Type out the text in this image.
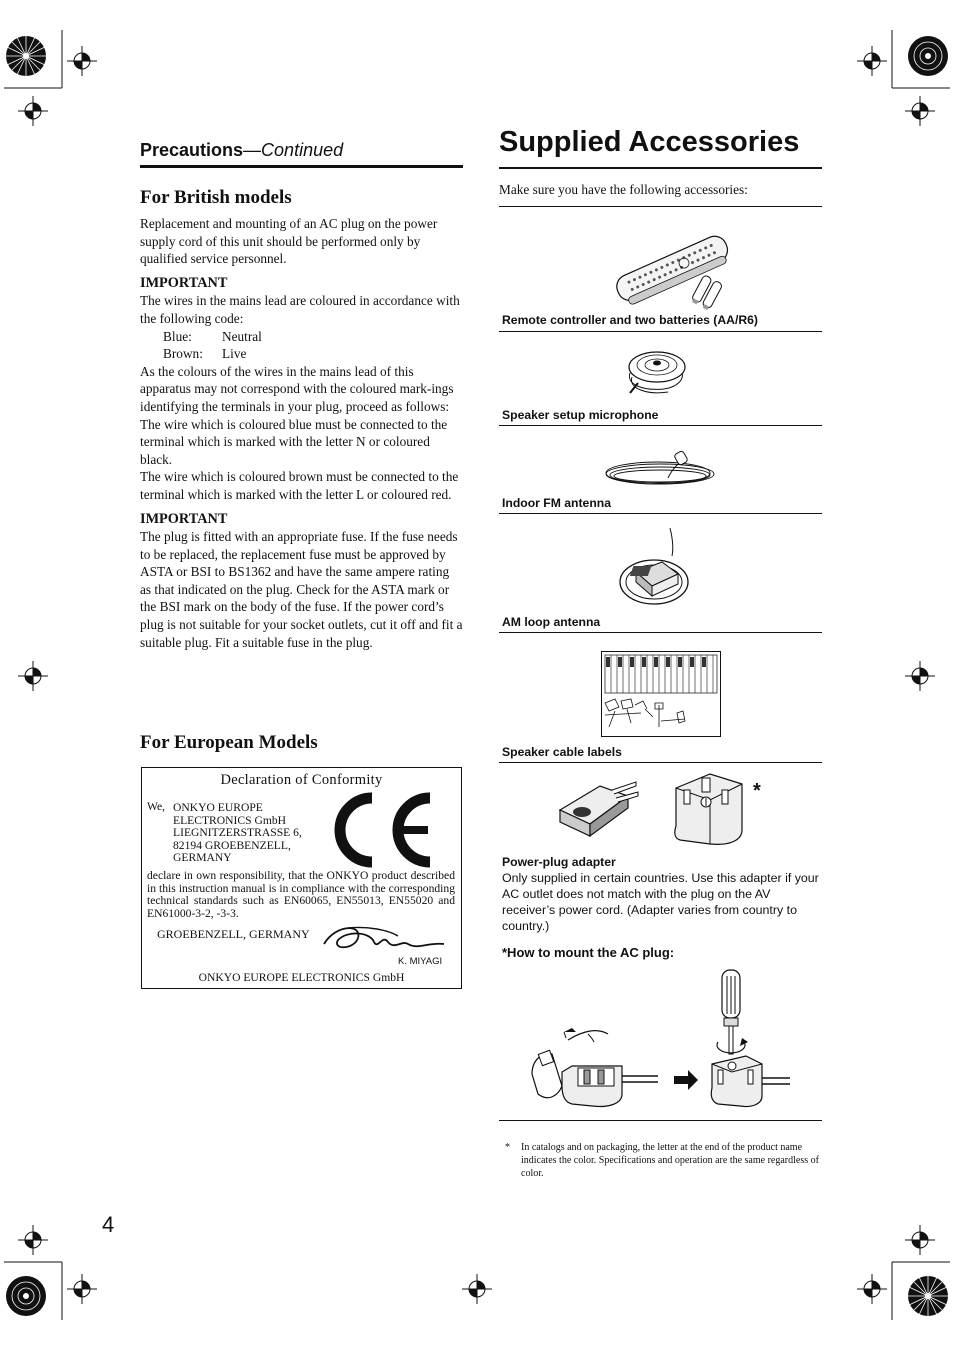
Precautions—Continued
For British models

Replacement and mounting of an AC plug on the power supply cord of this unit should be performed only by qualified service personnel.

IMPORTANT

The wires in the mains lead are coloured in accordance with the following code:

Blue:	Neutral
Brown:	Live

As the colours of the wires in the mains lead of this apparatus may not correspond with the coloured mark-ings identifying the terminals in your plug, proceed as follows:

The wire which is coloured blue must be connected to the terminal which is marked with the letter N or coloured black.

The wire which is coloured brown must be connected to the terminal which is marked with the letter L or coloured red.

IMPORTANT

The plug is fitted with an appropriate fuse. If the fuse needs to be replaced, the replacement fuse must be approved by ASTA or BSI to BS1362 and have the same ampere rating as that indicated on the plug. Check for the ASTA mark or the BSI mark on the body of the fuse. If the power cord’s plug is not suitable for your socket outlets, cut it off and fit a suitable plug. Fit a suitable fuse in the plug.

For European Models
Declaration of Conformity
We, ONKYO EUROPE
ELECTRONICS GmbH
LIEGNITZERSTRASSE 6,
82194 GROEBENZELL,
GERMANY
declare in own responsibility, that the ONKYO product described in this instruction manual is in compliance with the corresponding technical standards such as EN60065, EN55013, EN55020 and EN61000-3-2, -3-3.
GROEBENZELL, GERMANY
K. MIYAGI
ONKYO EUROPE ELECTRONICS GmbH
4
Supplied Accessories
Make sure you have the following accessories:
Remote controller and two batteries (AA/R6)
Speaker setup microphone
Indoor FM antenna
AM loop antenna
Speaker cable labels
*
Power-plug adapter
Only supplied in certain countries. Use this adapter if your AC outlet does not match with the plug on the AV receiver’s power cord. (Adapter varies from country to country.)
*How to mount the AC plug:
* In catalogs and on packaging, the letter at the end of the product name indicates the color. Specifications and operation are the same regardless of color.
